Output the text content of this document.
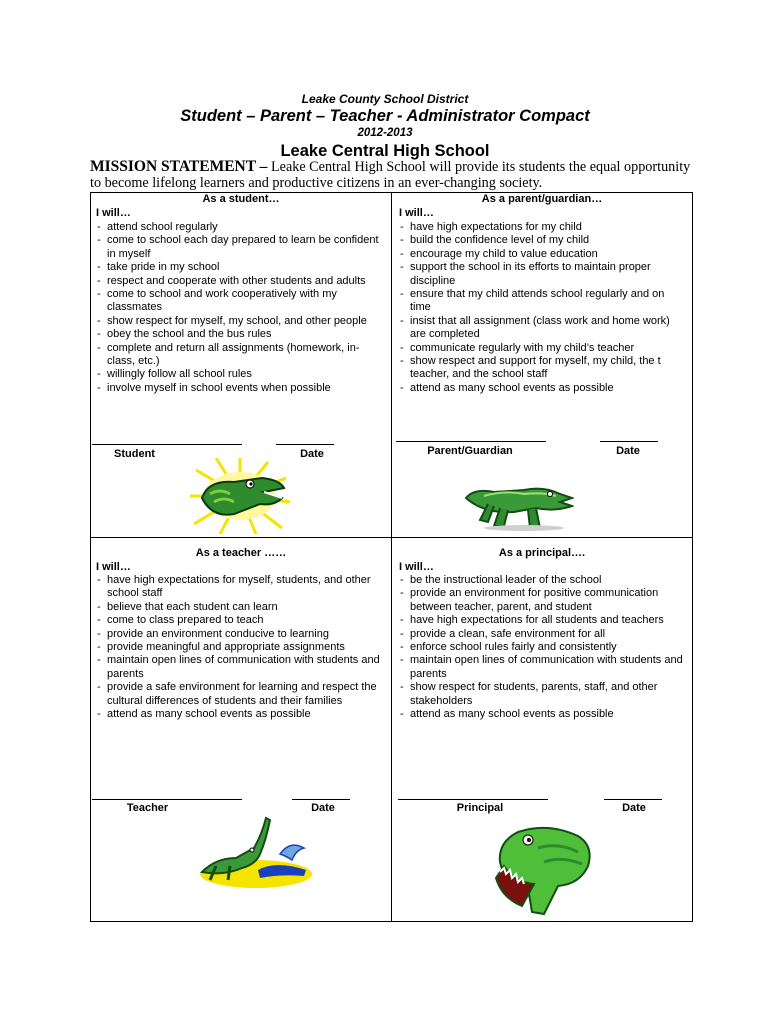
Leake County School District
Student – Parent – Teacher - Administrator Compact
2012-2013
Leake Central High School
MISSION STATEMENT – Leake Central High School will provide its students the equal opportunity to become lifelong learners and productive citizens in an ever-changing society.
As a student…
I will…
- attend school regularly
- come to school each day prepared to learn be confident in myself
- take pride in my school
- respect and cooperate with other students and adults
- come to school and work cooperatively with my classmates
- show respect for myself, my school, and other people
- obey the school and the bus rules
- complete and return all assignments (homework, in-class, etc.)
- willingly follow all school rules
- involve myself in school events when possible
Student	Date
As a parent/guardian…
I will…
- have high expectations for my child
- build the confidence level of my child
- encourage my child to value education
- support the school in its efforts to maintain proper discipline
- ensure that my child attends school regularly and on time
- insist that all assignment (class work and home work) are completed
- communicate regularly with my child’s teacher
- show respect and support for myself, my child, the t teacher, and the school staff
- attend as many school events as possible
Parent/Guardian	Date
As a teacher ……
I will…
- have high expectations for myself, students, and other school staff
- believe that each student can learn
- come to class prepared to teach
- provide an environment conducive to learning
- provide meaningful and appropriate assignments
- maintain open lines of communication with students and parents
- provide a safe environment for learning and respect the cultural differences of students and their families
- attend as many school events as possible
Teacher	Date
As a principal….
I will…
- be the instructional leader of the school
- provide an environment for positive communication between teacher, parent, and student
- have high expectations for all students and teachers
- provide a clean, safe environment for all
- enforce school rules fairly and consistently
- maintain open lines of communication with students and parents
- show respect for students, parents, staff, and other stakeholders
- attend as many school events as possible
Principal	Date
